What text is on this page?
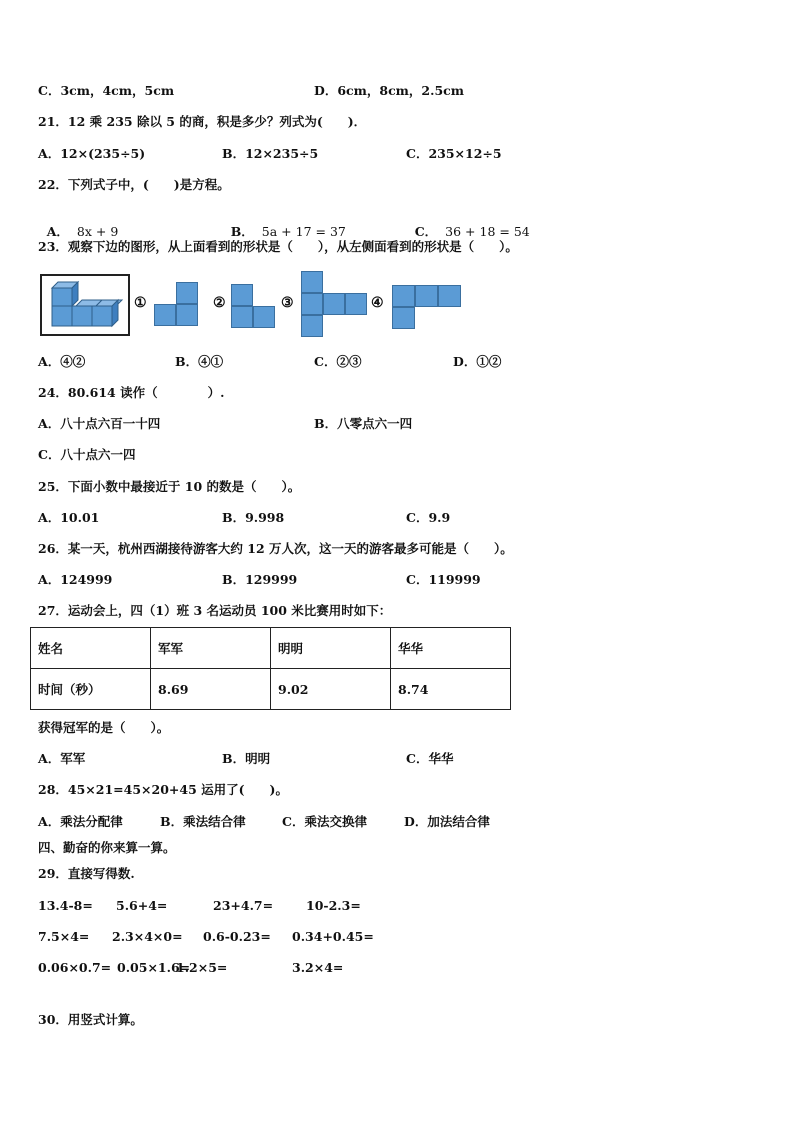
C．3cm，4cm，5cm	D．6cm，8cm，2.5cm
21．12 乘 235 除以 5 的商，积是多少？列式为(　　)．
A．12×(235÷5)	B．12×235÷5	C．235×12÷5
22．下列式子中，(　　)是方程。

A． 8x + 9	B． 5a + 17 = 37	C． 36 + 18 = 54

23．观察下边的图形，从上面看到的形状是（　　），从左侧面看到的形状是（　　）。
①	②	③	④
A．④②	B．④①	C．②③	D．①②
24．80.614 读作（　　　　）.
A．八十点六百一十四	B．八零点六一四
C．八十点六一四
25．下面小数中最接近于 10 的数是（　　）。
A．10.01	B．9.998	C．9.9
26．某一天，杭州西湖接待游客大约 12 万人次，这一天的游客最多可能是（　　）。
A．124999	B．129999	C．119999
27．运动会上，四（1）班 3 名运动员 100 米比赛用时如下：
姓名	军军	明明	华华
时间（秒）	8.69	9.02	8.74
获得冠军的是（　　）。
A．军军	B．明明	C．华华
28．45×21=45×20+45 运用了(　　)。
A．乘法分配律	B．乘法结合律	C．乘法交换律	D．加法结合律
四、勤奋的你来算一算。
29．直接写得数.
13.4-8= 5.6+4=	23+4.7=	10-2.3=
7.5×4= 2.3×4×0= 0.6-0.23= 0.34+0.45=
0.06×0.7= 0.05×1.6=
1.2×5=	3.2×4=
30．用竖式计算。
